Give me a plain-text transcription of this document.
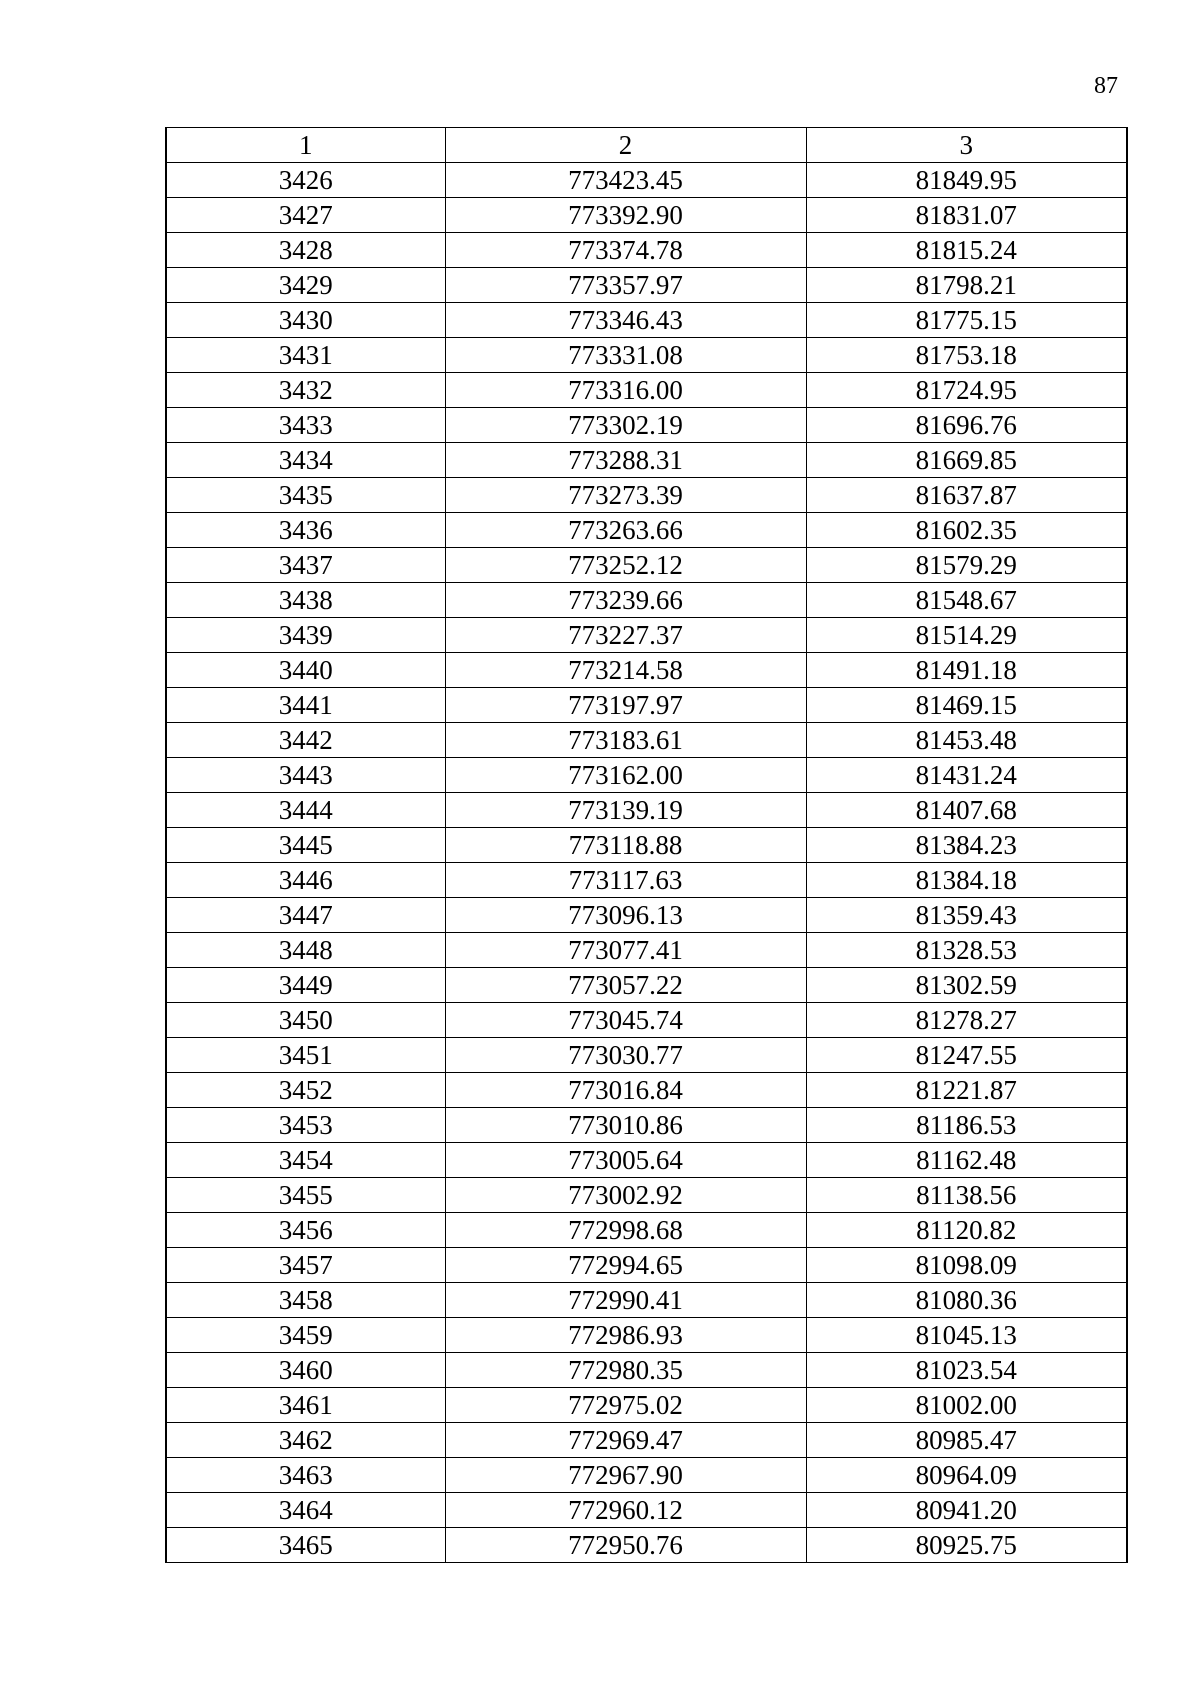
87
1	2	3
3426	773423.45	81849.95
3427	773392.90	81831.07
3428	773374.78	81815.24
3429	773357.97	81798.21
3430	773346.43	81775.15
3431	773331.08	81753.18
3432	773316.00	81724.95
3433	773302.19	81696.76
3434	773288.31	81669.85
3435	773273.39	81637.87
3436	773263.66	81602.35
3437	773252.12	81579.29
3438	773239.66	81548.67
3439	773227.37	81514.29
3440	773214.58	81491.18
3441	773197.97	81469.15
3442	773183.61	81453.48
3443	773162.00	81431.24
3444	773139.19	81407.68
3445	773118.88	81384.23
3446	773117.63	81384.18
3447	773096.13	81359.43
3448	773077.41	81328.53
3449	773057.22	81302.59
3450	773045.74	81278.27
3451	773030.77	81247.55
3452	773016.84	81221.87
3453	773010.86	81186.53
3454	773005.64	81162.48
3455	773002.92	81138.56
3456	772998.68	81120.82
3457	772994.65	81098.09
3458	772990.41	81080.36
3459	772986.93	81045.13
3460	772980.35	81023.54
3461	772975.02	81002.00
3462	772969.47	80985.47
3463	772967.90	80964.09
3464	772960.12	80941.20
3465	772950.76	80925.75
